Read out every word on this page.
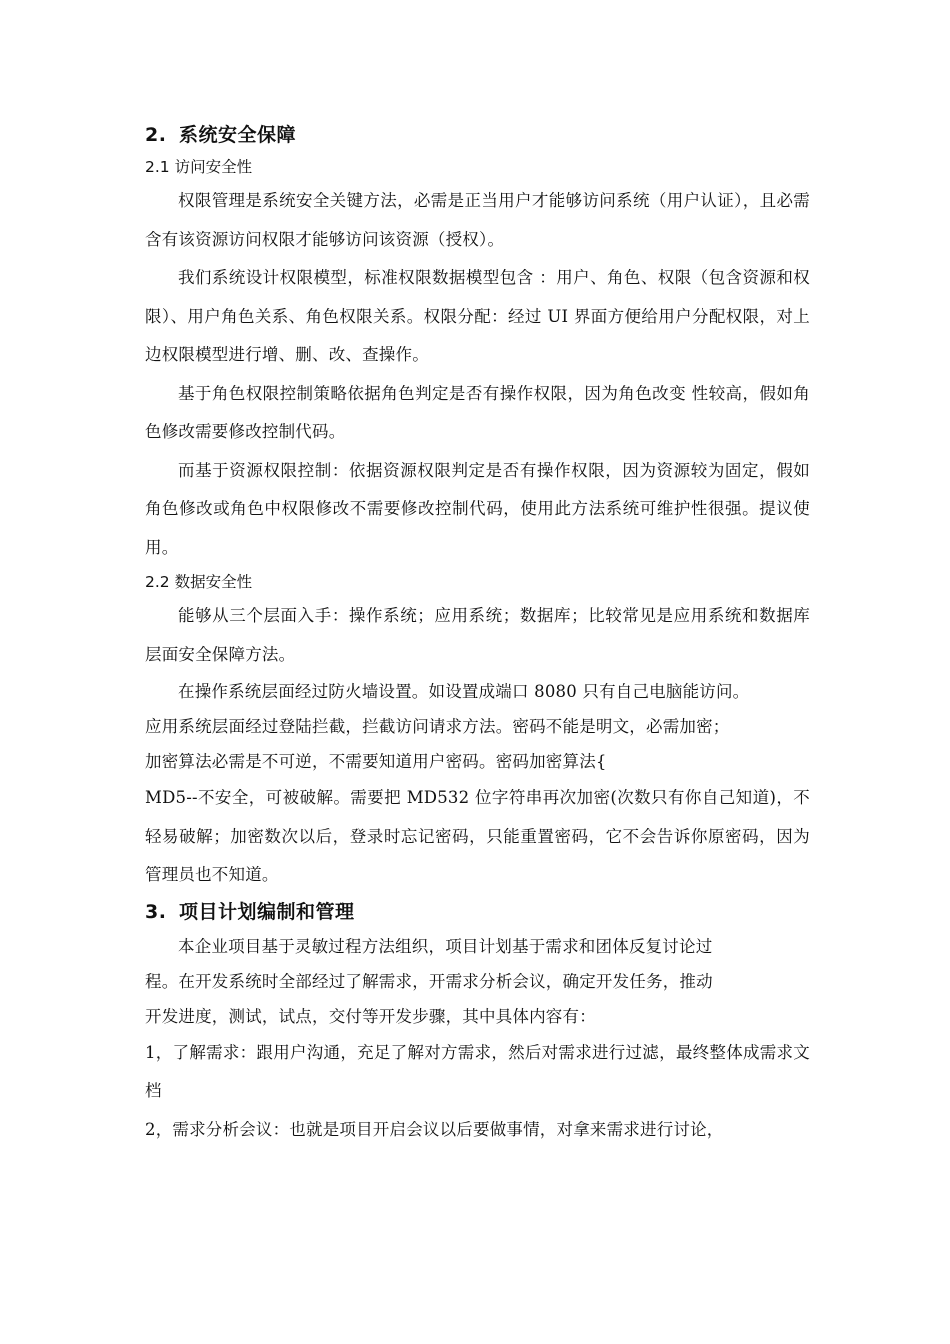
2. 系统安全保障
2.1 访问安全性

权限管理是系统安全关键方法，必需是正当用户才能够访问系统（用户认证），且必需含有该资源访问权限才能够访问该资源（授权）。

我们系统设计权限模型，标准权限数据模型包含 ：用户、角色、权限（包含资源和权限）、用户角色关系、角色权限关系。权限分配：经过 UI 界面方便给用户分配权限，对上边权限模型进行增、删、改、查操作。

基于角色权限控制策略依据角色判定是否有操作权限，因为角色改变 性较高，假如角色修改需要修改控制代码。

而基于资源权限控制：依据资源权限判定是否有操作权限，因为资源较为固定，假如角色修改或角色中权限修改不需要修改控制代码，使用此方法系统可维护性很强。提议使用。

2.2 数据安全性

能够从三个层面入手：操作系统；应用系统；数据库；比较常见是应用系统和数据库层面安全保障方法。

在操作系统层面经过防火墙设置。如设置成端口 8080 只有自己电脑能访问。

应用系统层面经过登陆拦截，拦截访问请求方法。密码不能是明文，必需加密；

加密算法必需是不可逆，不需要知道用户密码。密码加密算法{

MD5--不安全，可被破解。需要把 MD532 位字符串再次加密(次数只有你自己知道)，不轻易破解；加密数次以后，登录时忘记密码，只能重置密码，它不会告诉你原密码，因为管理员也不知道。

3. 项目计划编制和管理

本企业项目基于灵敏过程方法组织，项目计划基于需求和团体反复讨论过

程。在开发系统时全部经过了解需求，开需求分析会议，确定开发任务，推动

开发进度，测试，试点，交付等开发步骤，其中具体内容有：

1，了解需求：跟用户沟通，充足了解对方需求，然后对需求进行过滤，最终整体成需求文档

2，需求分析会议：也就是项目开启会议以后要做事情，对拿来需求进行讨论，
